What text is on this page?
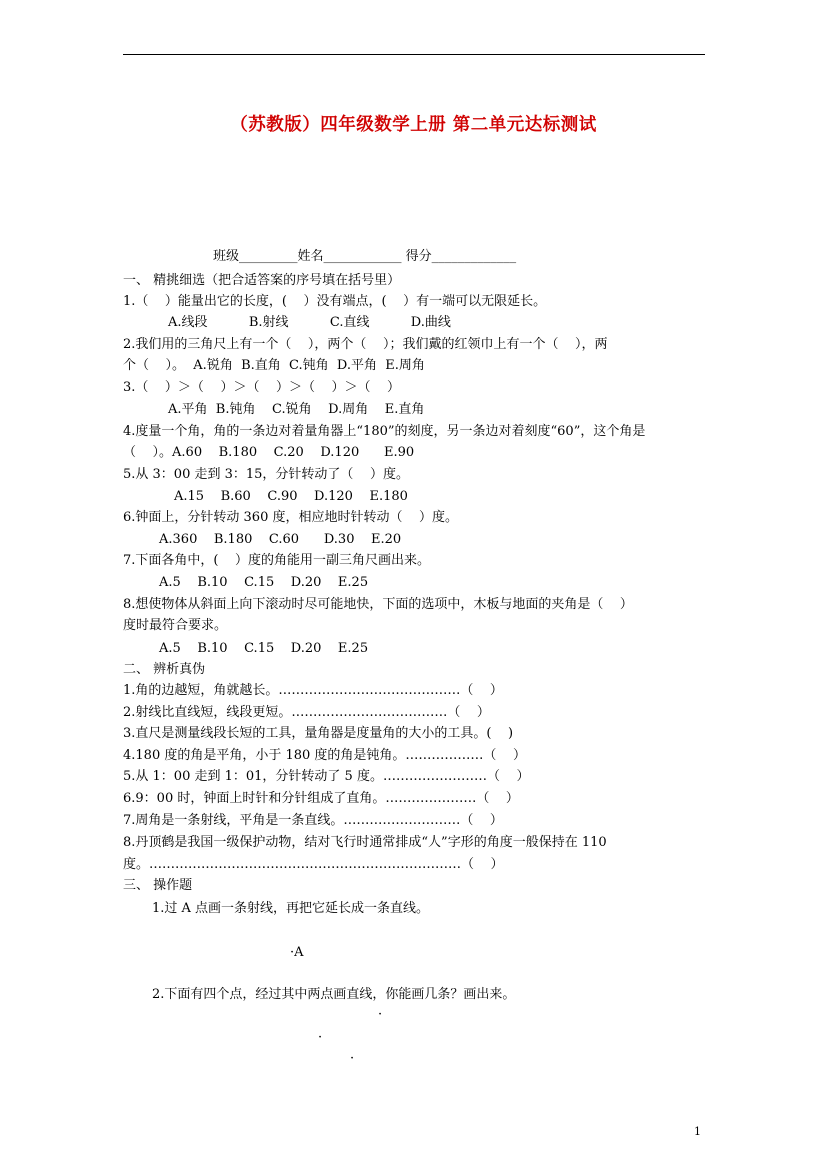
（苏教版）四年级数学上册 第二单元达标测试
班级_________姓名____________ 得分_____________
一、 精挑细选（把合适答案的序号填在括号里）
1.（    ）能量出它的长度，(    ）没有端点，(    ）有一端可以无限延长。
A.线段          B.射线          C.直线          D.曲线
2.我们用的三角尺上有一个（    ），两个（    ）；我们戴的红领巾上有一个（    ），两
个（    ）。  A.锐角  B.直角  C.钝角  D.平角  E.周角
3.（    ）＞（    ）＞（    ）＞（    ）＞（    ）
A.平角  B.钝角    C.锐角    D.周角    E.直角
4.度量一个角，角的一条边对着量角器上“180”的刻度，另一条边对着刻度“60”，这个角是
（    ）。A.60    B.180    C.20    D.120      E.90
5.从 3：00 走到 3：15，分针转动了（    ）度。
A.15    B.60    C.90    D.120    E.180
6.钟面上，分针转动 360 度，相应地时针转动（    ）度。
A.360    B.180    C.60      D.30    E.20
7.下面各角中，(    ）度的角能用一副三角尺画出来。
A.5    B.10    C.15    D.20    E.25
8.想使物体从斜面上向下滚动时尽可能地快，下面的选项中，木板与地面的夹角是（    ）
度时最符合要求。
A.5    B.10    C.15    D.20    E.25
二、 辨析真伪
1.角的边越短，角就越长。……………………………………（    ）
2.射线比直线短，线段更短。………………………………（    ）
3.直尺是测量线段长短的工具，量角器是度量角的大小的工具。(    )
4.180 度的角是平角，小于 180 度的角是钝角。………………（    ）
5.从 1：00 走到 1：01，分针转动了 5 度。……………………（    ）
6.9：00 时，钟面上时针和分针组成了直角。…………………（    ）
7.周角是一条射线，平角是一条直线。………………………（    ）
8.丹顶鹤是我国一级保护动物，结对飞行时通常排成“人”字形的角度一般保持在 110
度。………………………………………………………………（    ）
三、 操作题
1.过 A 点画一条射线，再把它延长成一条直线。
·A
2.下面有四个点，经过其中两点画直线，你能画几条？画出来。
·
·
·
1
